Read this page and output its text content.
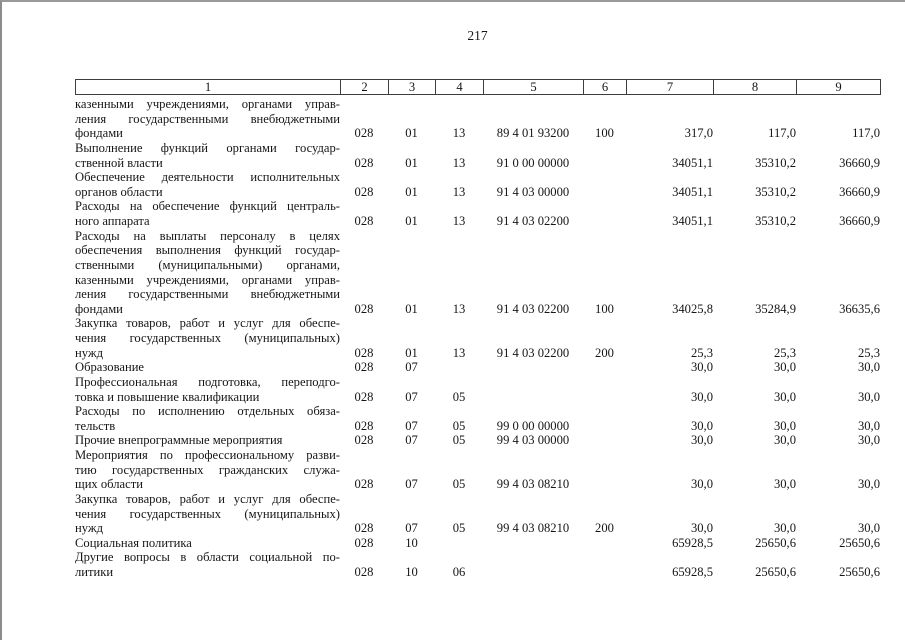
217
1	2	3	4	5	6	7	8	9
казенными учреждениями, органами управ-
ления государственными внебюджетными
фондами	028	01	13	89 4 01 93200	100	317,0	117,0	117,0

Выполнение функций органами государ-
ственной власти	028	01	13	91 0 00 00000		34051,1	35310,2	36660,9

Обеспечение деятельности исполнительных
органов области	028	01	13	91 4 03 00000		34051,1	35310,2	36660,9

Расходы на обеспечение функций централь-
ного аппарата	028	01	13	91 4 03 02200		34051,1	35310,2	36660,9

Расходы на выплаты персоналу в целях
обеспечения выполнения функций государ-
ственными (муниципальными) органами,
казенными учреждениями, органами управ-
ления государственными внебюджетными
фондами	028	01	13	91 4 03 02200	100	34025,8	35284,9	36635,6

Закупка товаров, работ и услуг для обеспе-
чения государственных (муниципальных)
нужд	028	01	13	91 4 03 02200	200	25,3	25,3	25,3

Образование	028	07				30,0	30,0	30,0

Профессиональная подготовка, переподго-
товка и повышение квалификации	028	07	05			30,0	30,0	30,0

Расходы по исполнению отдельных обяза-
тельств	028	07	05	99 0 00 00000		30,0	30,0	30,0

Прочие внепрограммные мероприятия	028	07	05	99 4 03 00000		30,0	30,0	30,0

Мероприятия по профессиональному разви-
тию государственных гражданских служа-
щих области	028	07	05	99 4 03 08210		30,0	30,0	30,0

Закупка товаров, работ и услуг для обеспе-
чения государственных (муниципальных)
нужд	028	07	05	99 4 03 08210	200	30,0	30,0	30,0

Социальная политика	028	10				65928,5	25650,6	25650,6

Другие вопросы в области социальной по-
литики	028	10	06			65928,5	25650,6	25650,6
